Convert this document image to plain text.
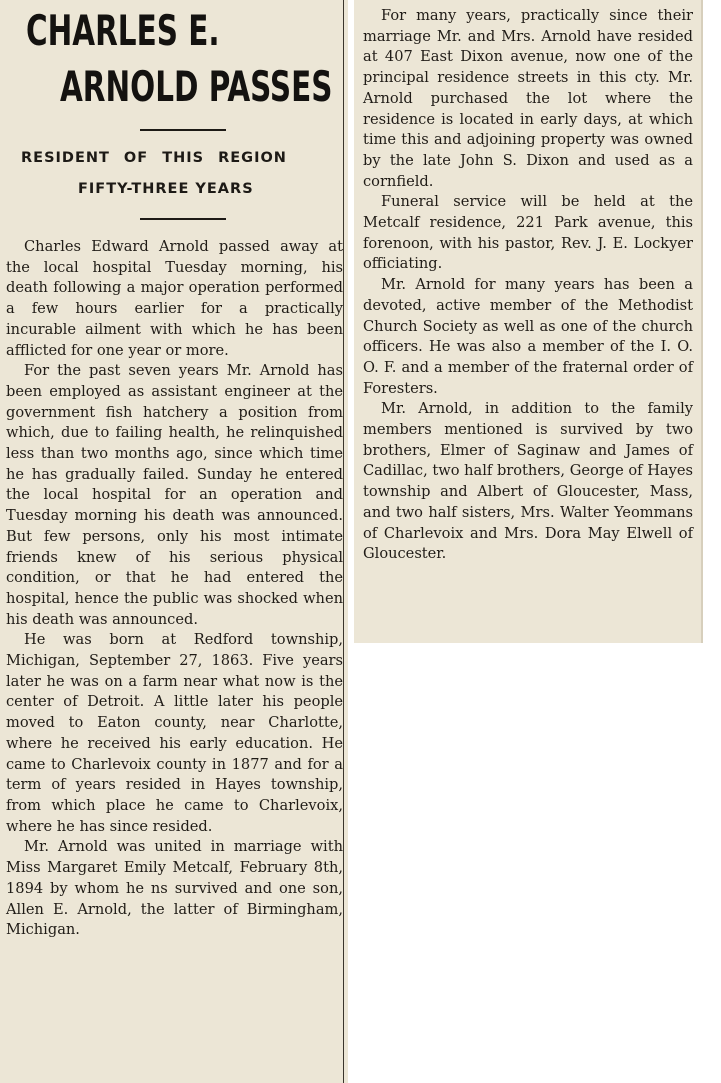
CHARLES E.
ARNOLD PASSES
RESIDENT OF THIS REGION
FIFTY-THREE YEARS

Charles Edward Arnold passed away at the local hospital Tuesday morning, his death following a major operation performed a few hours earlier for a practically incurable ailment with which he has been afflicted for one year or more.

For the past seven years Mr. Arnold has been employed as assistant engineer at the government fish hatchery a position from which, due to failing health, he relinquished less than two months ago, since which time he has gradually failed. Sunday he entered the local hospital for an operation and Tuesday morning his death was announced. But few persons, only his most intimate friends knew of his serious physical condition, or that he had entered the hospital, hence the public was shocked when his death was announced.

He was born at Redford township, Michigan, September 27, 1863. Five years later he was on a farm near what now is the center of Detroit. A little later his people moved to Eaton county, near Charlotte, where he received his early education. He came to Charlevoix county in 1877 and for a term of years resided in Hayes township, from which place he came to Charlevoix, where he has since resided.

Mr. Arnold was united in marriage with Miss Margaret Emily Metcalf, February 8th, 1894 by whom he ns survived and one son, Allen E. Arnold, the latter of Birmingham, Michigan.

For many years, practically since their marriage Mr. and Mrs. Arnold have resided at 407 East Dixon avenue, now one of the principal residence streets in this cty. Mr. Arnold purchased the lot where the residence is located in early days, at which time this and adjoining property was owned by the late John S. Dixon and used as a cornfield.

Funeral service will be held at the Metcalf residence, 221 Park avenue, this forenoon, with his pastor, Rev. J. E. Lockyer officiating.

Mr. Arnold for many years has been a devoted, active member of the Methodist Church Society as well as one of the church officers. He was also a member of the I. O. O. F. and a member of the fraternal order of Foresters.

Mr. Arnold, in addition to the family members mentioned is survived by two brothers, Elmer of Saginaw and James of Cadillac, two half brothers, George of Hayes township and Albert of Gloucester, Mass, and two half sisters, Mrs. Walter Yeommans of Charlevoix and Mrs. Dora May Elwell of Gloucester.
